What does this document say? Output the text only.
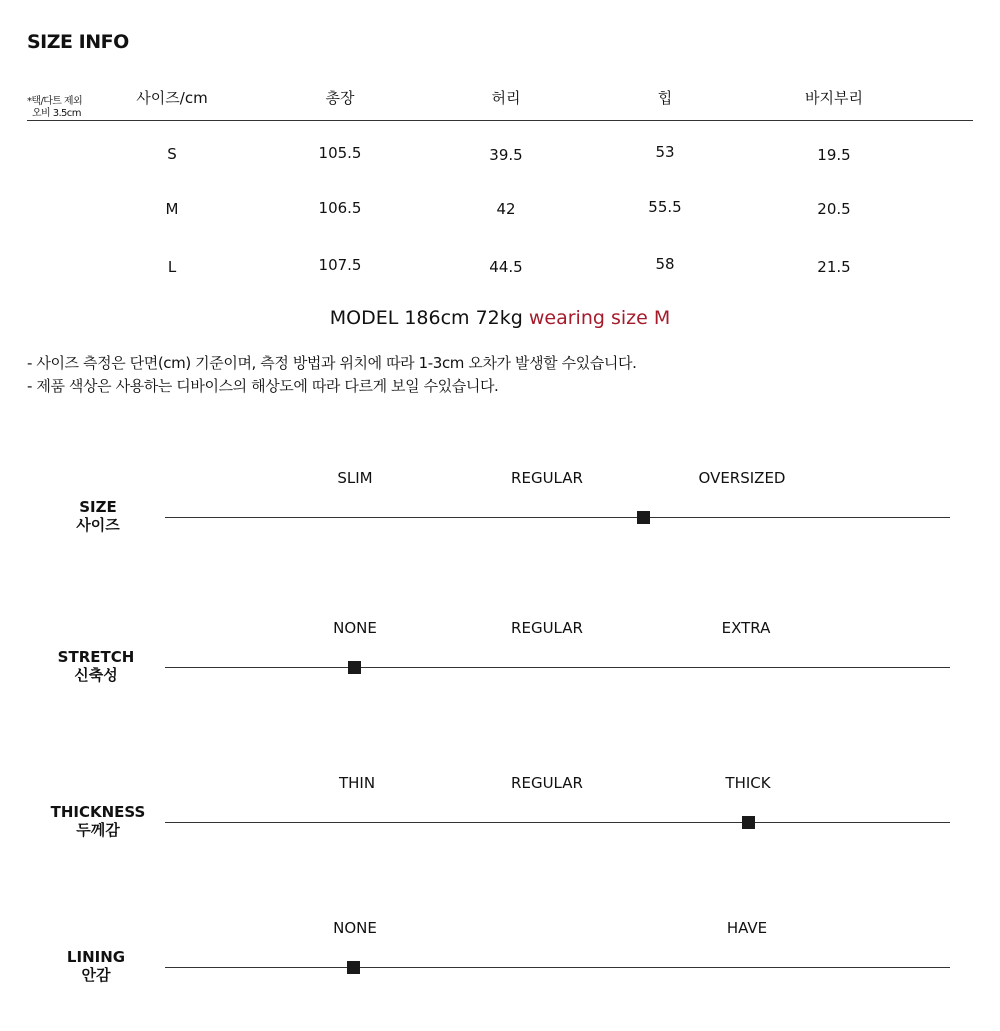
SIZE INFO
*택/다트 제외
오비 3.5cm
사이즈/cm	총장	허리	힙	바지부리
S	105.5	39.5	53	19.5
M	106.5	42	55.5	20.5
L	107.5	44.5	58	21.5
MODEL 186cm 72kg wearing size M
- 사이즈 측정은 단면(cm) 기준이며, 측정 방법과 위치에 따라 1-3cm 오차가 발생할 수있습니다.
- 제품 색상은 사용하는 디바이스의 해상도에 따라 다르게 보일 수있습니다.
SIZE
사이즈
SLIM	REGULAR	OVERSIZED
STRETCH
신축성
NONE	REGULAR	EXTRA
THICKNESS
두께감
THIN	REGULAR	THICK
LINING
안감
NONE	HAVE
